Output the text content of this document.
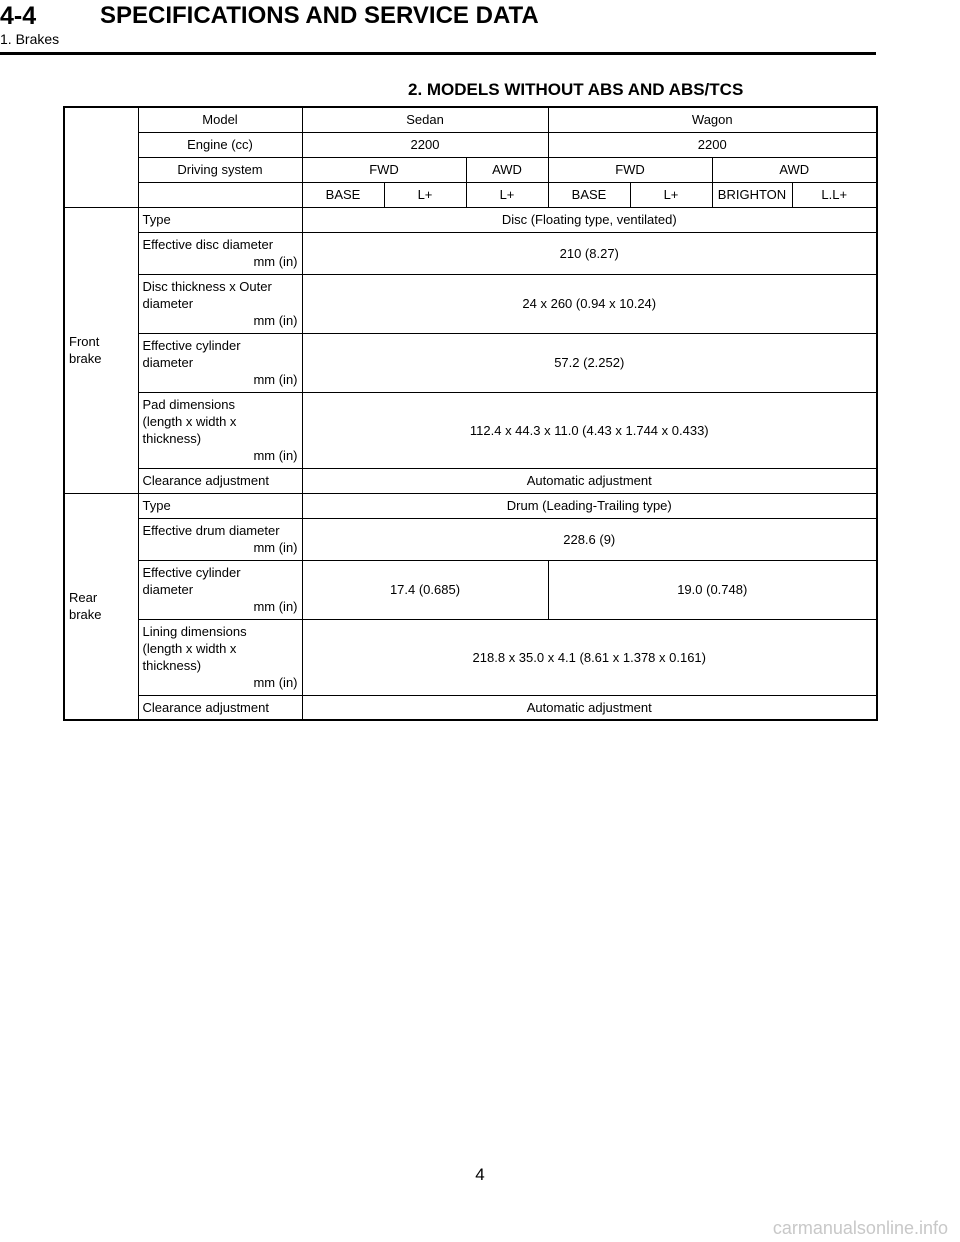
4-4	SPECIFICATIONS AND SERVICE DATA
1. Brakes
2. MODELS WITHOUT ABS AND ABS/TCS
	Model	Sedan			Wagon			
	Engine (cc)	2200			2200			
	Driving system	FWD		AWD	FWD		AWD	
		BASE	L+	L+	BASE	L+	BRIGHTON	L.L+

Front
brake	Type	Disc (Floating type, ventilated)						

	Effective disc diameter
mm (in)	210 (8.27)						

	Disc thickness x Outer
diameter
mm (in)	24 x 260 (0.94 x 10.24)						

	Effective cylinder
diameter
mm (in)	57.2 (2.252)						

	Pad dimensions
(length x width x
thickness)
mm (in)	112.4 x 44.3 x 11.0 (4.43 x 1.744 x 0.433)						
	Clearance adjustment	Automatic adjustment						

Rear
brake	Type	Drum (Leading-Trailing type)						

	Effective drum diameter
mm (in)	228.6 (9)						

	Effective cylinder
diameter
mm (in)	17.4 (0.685)			19.0 (0.748)			

	Lining dimensions
(length x width x
thickness)
mm (in)	218.8 x 35.0 x 4.1 (8.61 x 1.378 x 0.161)						
	Clearance adjustment	Automatic adjustment						
4
carmanualsonline.info
